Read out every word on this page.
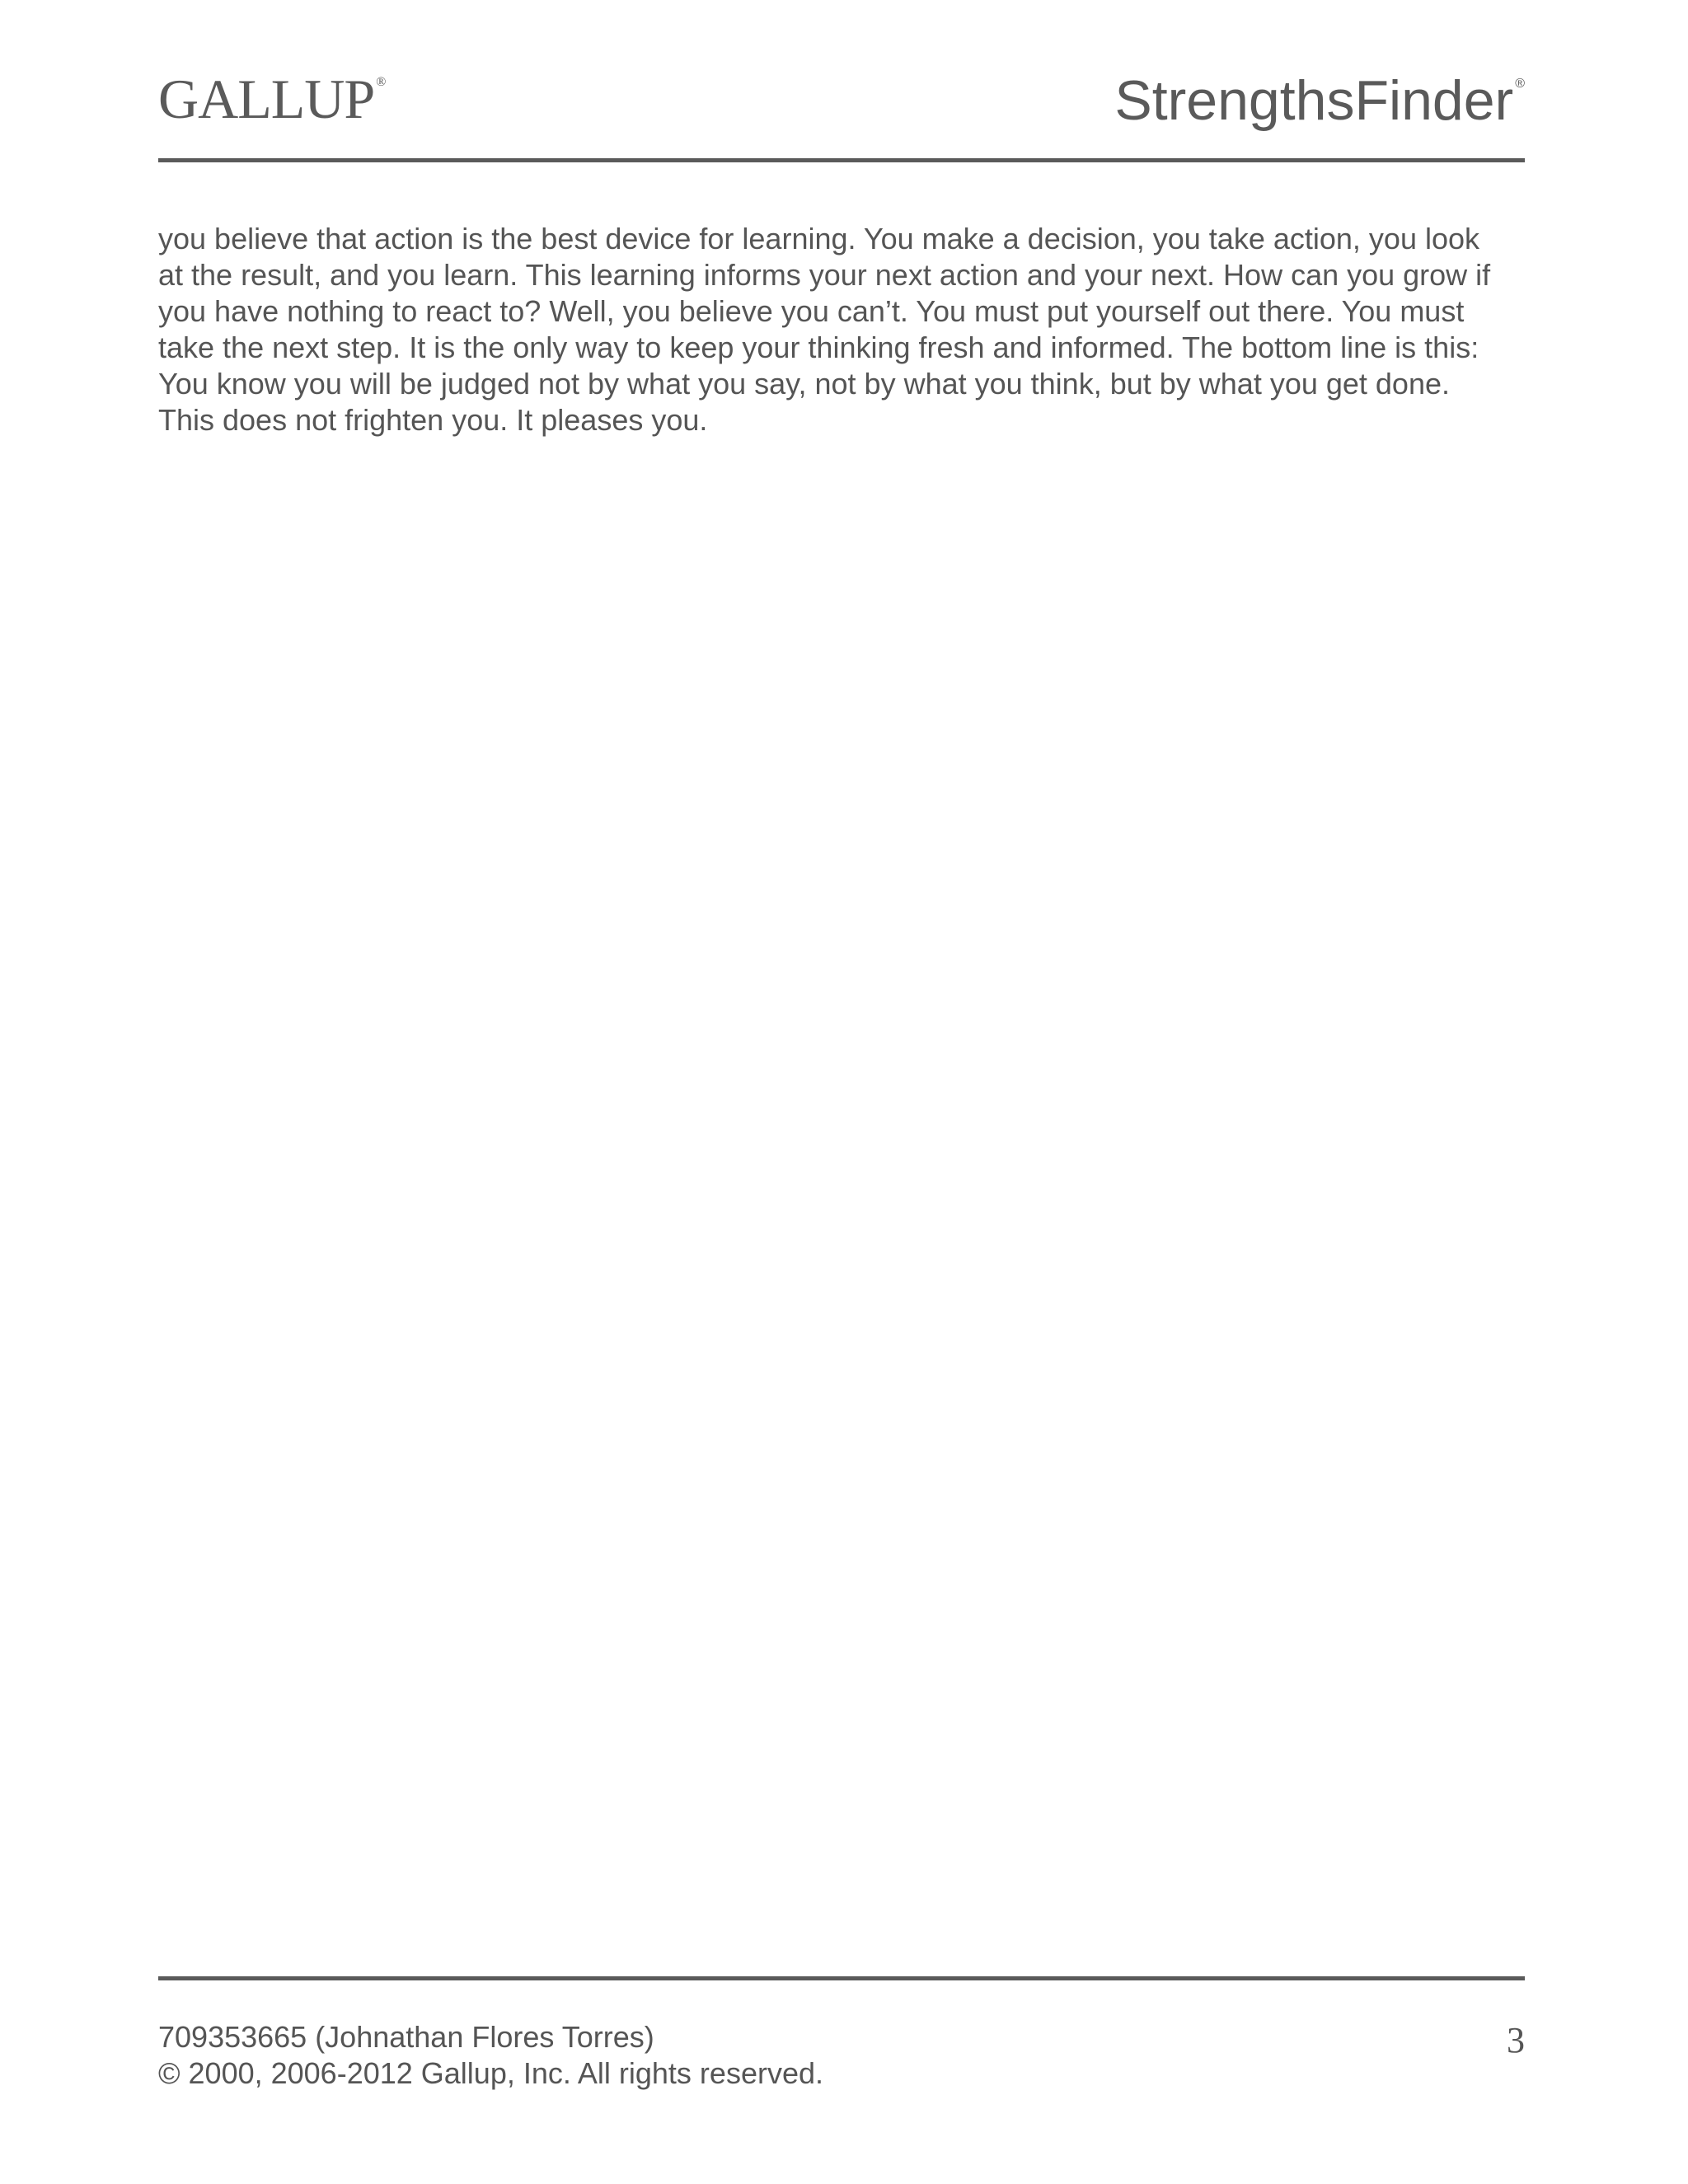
GALLUP ®	StrengthsFinder ®
you believe that action is the best device for learning. You make a decision, you take action, you look
at the result, and you learn. This learning informs your next action and your next. How can you grow if
you have nothing to react to? Well, you believe you can’t. You must put yourself out there. You must
take the next step. It is the only way to keep your thinking fresh and informed. The bottom line is this:
You know you will be judged not by what you say, not by what you think, but by what you get done.
This does not frighten you. It pleases you.
709353665 (Johnathan Flores Torres)
© 2000, 2006-2012 Gallup, Inc. All rights reserved.
3
